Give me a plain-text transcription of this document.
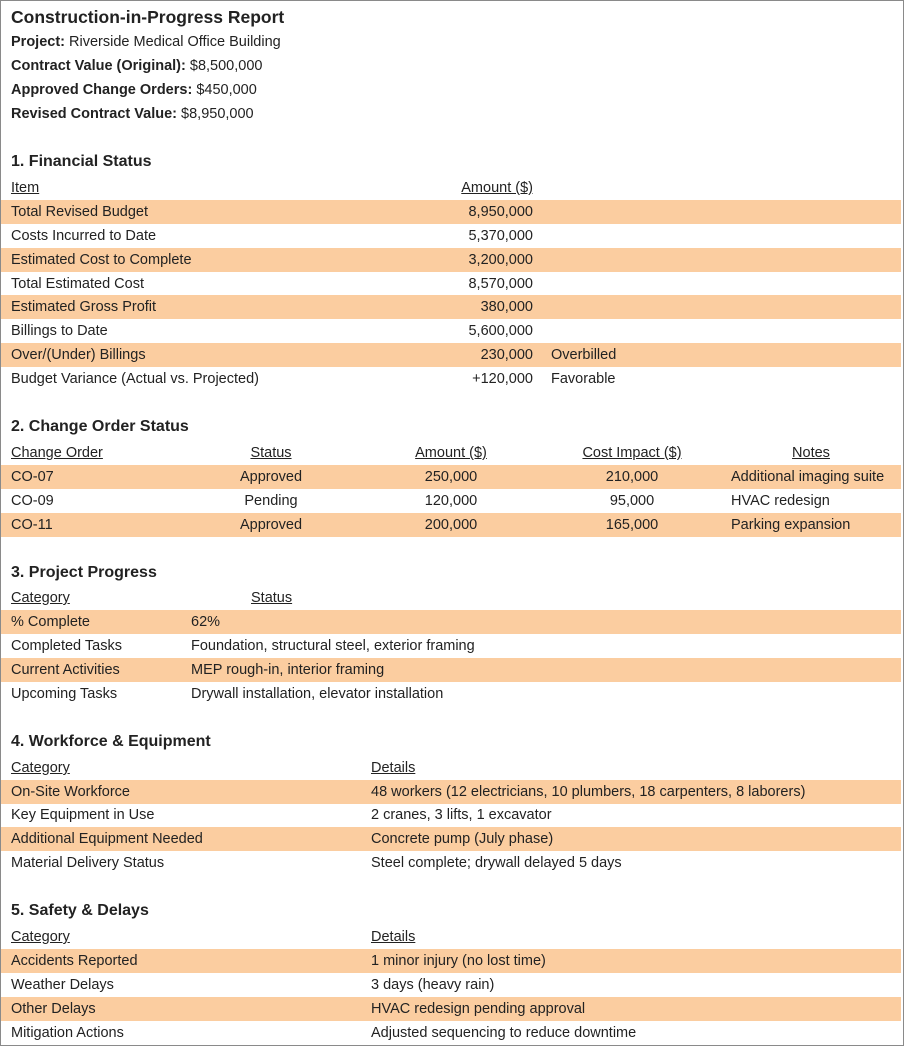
Construction-in-Progress Report
Project: Riverside Medical Office Building
Contract Value (Original): $8,500,000
Approved Change Orders: $450,000
Revised Contract Value: $8,950,000
1. Financial Status
Item	Amount ($)
Total Revised Budget	8,950,000
Costs Incurred to Date	5,370,000
Estimated Cost to Complete	3,200,000
Total Estimated Cost	8,570,000
Estimated Gross Profit	380,000
Billings to Date	5,600,000
Over/(Under) Billings	230,000 Overbilled
Budget Variance (Actual vs. Projected)	+120,000 Favorable
2. Change Order Status
Change Order	Status	Amount ($)	Cost Impact ($)	Notes
CO-07	Approved	250,000	210,000	Additional imaging suite
CO-09	Pending	120,000	95,000	HVAC redesign
CO-11	Approved	200,000	165,000	Parking expansion
3. Project Progress
Category	Status
% Complete	62%
Completed Tasks	Foundation, structural steel, exterior framing
Current Activities	MEP rough-in, interior framing
Upcoming Tasks	Drywall installation, elevator installation
4. Workforce & Equipment
Category	Details
On-Site Workforce	48 workers (12 electricians, 10 plumbers, 18 carpenters, 8 laborers)
Key Equipment in Use	2 cranes, 3 lifts, 1 excavator
Additional Equipment Needed	Concrete pump (July phase)
Material Delivery Status	Steel complete; drywall delayed 5 days
5. Safety & Delays
Category	Details
Accidents Reported	1 minor injury (no lost time)
Weather Delays	3 days (heavy rain)
Other Delays	HVAC redesign pending approval
Mitigation Actions	Adjusted sequencing to reduce downtime
